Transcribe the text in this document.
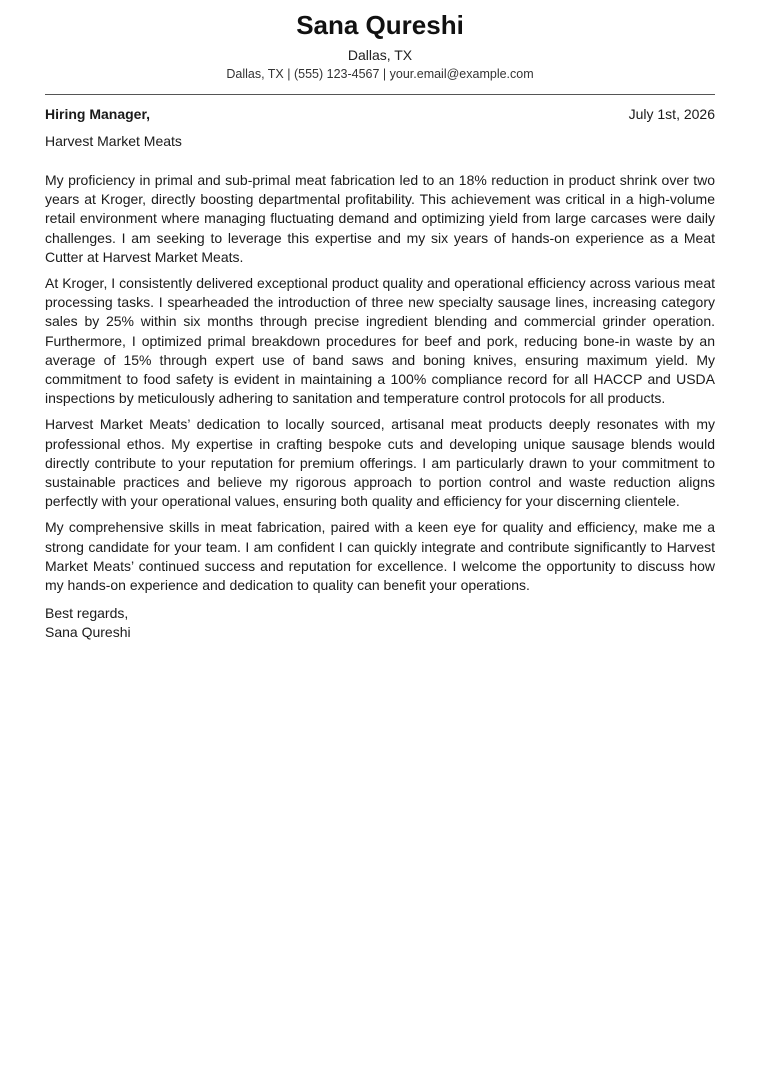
Sana Qureshi
Dallas, TX
Dallas, TX | (555) 123-4567 | your.email@example.com
Hiring Manager,	July 1st, 2026
Harvest Market Meats

My proficiency in primal and sub-primal meat fabrication led to an 18% reduction in product shrink over two years at Kroger, directly boosting departmental profitability. This achievement was critical in a high-volume retail environment where managing fluctuating demand and optimizing yield from large carcases were daily challenges. I am seeking to leverage this expertise and my six years of hands-on experience as a Meat Cutter at Harvest Market Meats.

At Kroger, I consistently delivered exceptional product quality and operational efficiency across various meat processing tasks. I spearheaded the introduction of three new specialty sausage lines, increasing category sales by 25% within six months through precise ingredient blending and commercial grinder operation. Furthermore, I optimized primal breakdown procedures for beef and pork, reducing bone-in waste by an average of 15% through expert use of band saws and boning knives, ensuring maximum yield. My commitment to food safety is evident in maintaining a 100% compliance record for all HACCP and USDA inspections by meticulously adhering to sanitation and temperature control protocols for all products.

Harvest Market Meats’ dedication to locally sourced, artisanal meat products deeply resonates with my professional ethos. My expertise in crafting bespoke cuts and developing unique sausage blends would directly contribute to your reputation for premium offerings. I am particularly drawn to your commitment to sustainable practices and believe my rigorous approach to portion control and waste reduction aligns perfectly with your operational values, ensuring both quality and efficiency for your discerning clientele.

My comprehensive skills in meat fabrication, paired with a keen eye for quality and efficiency, make me a strong candidate for your team. I am confident I can quickly integrate and contribute significantly to Harvest Market Meats’ continued success and reputation for excellence. I welcome the opportunity to discuss how my hands-on experience and dedication to quality can benefit your operations.

Best regards,
Sana Qureshi
